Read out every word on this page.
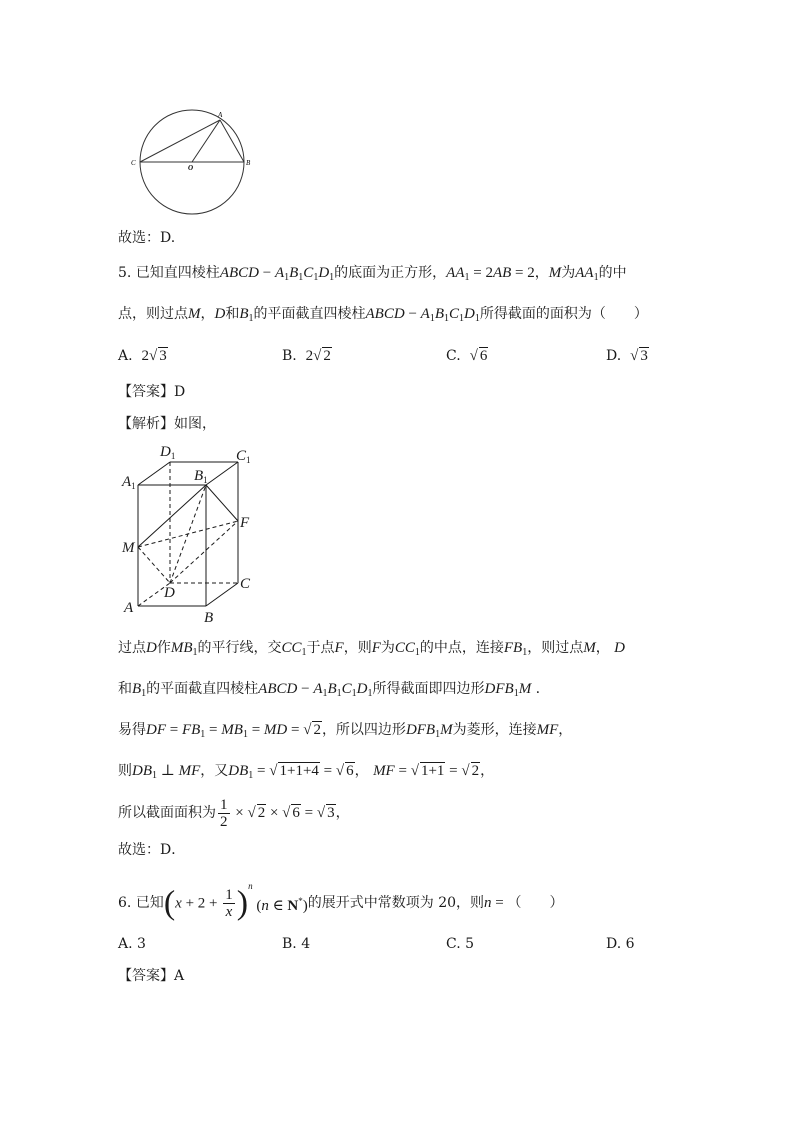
A
B
C
O
故选：D.
5. 已知直四棱柱ABCD − $A_1B_1C_1D_1$的底面为正方形，$AA_1 = 2AB = 2$，M为$AA_1$的中
点，则过点M，D和$B_1$的平面截直四棱柱ABCD − $A_1B_1C_1D_1$所得截面的面积为（　　）
A. 2√ 3	B. 2√ 2	C. √ 6	D. √ 3
【答案】D
【解析】如图，
$D_1$	$C_1$
$B_1$
$A_1$
F
M
C
D
A
B
过点D作$MB_1$的平行线，交$CC_1$于点F，则F为$CC_1$的中点，连接$FB_1$，则过点M， D
和$B_1$的平面截直四棱柱ABCD − $A_1B_1C_1D_1$所得截面即四边形$DFB_1M$ .
易得DF = $FB_1 = MB_1$ = MD = √ 2，所以四边形$DFB_1M$为菱形，连接MF，
则$DB_1$ ⊥ MF，又$DB_1$ = √ 1+1+4 = √ 6， MF = √ 1+1 = √ 2，
所以截面面积为 $\frac{1}{2}$ × √ 2 × √ 6 = √ 3，
故选：D．
6. 已知$(x + 2 + \frac{1}{x} )^n$ (n ∈ N*)的展开式中常数项为 20，则n = （　　）
A. 3	B. 4	C. 5	D. 6
【答案】A
